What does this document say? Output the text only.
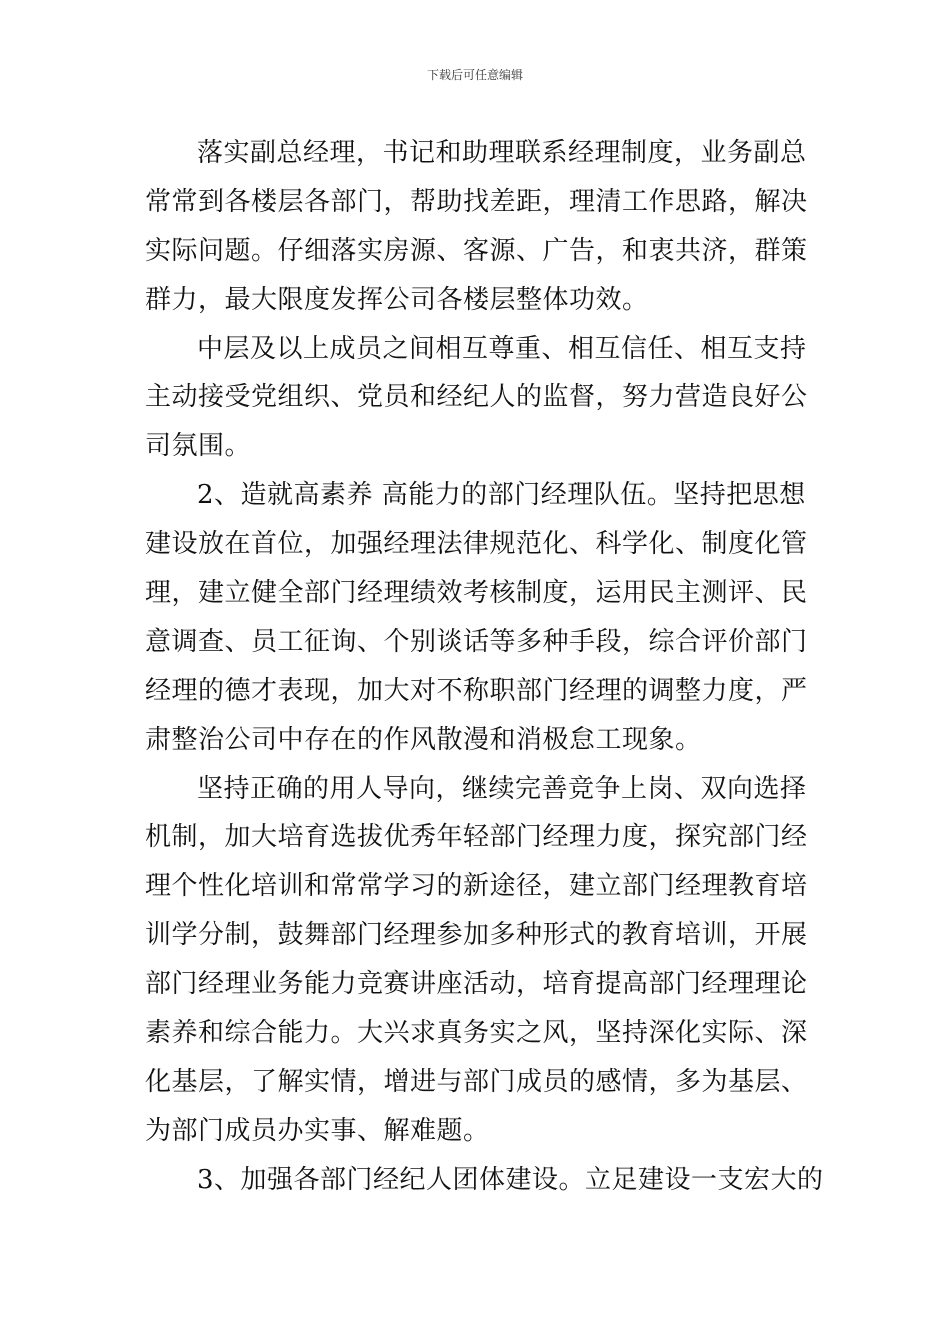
下载后可任意编辑
落实副总经理，书记和助理联系经理制度，业务副总
常常到各楼层各部门，帮助找差距，理清工作思路，解决
实际问题。仔细落实房源、客源、广告，和衷共济，群策
群力，最大限度发挥公司各楼层整体功效。
中层及以上成员之间相互尊重、相互信任、相互支持
主动接受党组织、党员和经纪人的监督，努力营造良好公
司氛围。
2、造就高素养 高能力的部门经理队伍。坚持把思想
建设放在首位，加强经理法律规范化、科学化、制度化管
理，建立健全部门经理绩效考核制度，运用民主测评、民
意调查、员工征询、个别谈话等多种手段，综合评价部门
经理的德才表现，加大对不称职部门经理的调整力度，严
肃整治公司中存在的作风散漫和消极怠工现象。
坚持正确的用人导向，继续完善竞争上岗、双向选择
机制，加大培育选拔优秀年轻部门经理力度，探究部门经
理个性化培训和常常学习的新途径，建立部门经理教育培
训学分制，鼓舞部门经理参加多种形式的教育培训，开展
部门经理业务能力竞赛讲座活动，培育提高部门经理理论
素养和综合能力。大兴求真务实之风，坚持深化实际、深
化基层，了解实情，增进与部门成员的感情，多为基层、
为部门成员办实事、解难题。
3、加强各部门经纪人团体建设。立足建设一支宏大的
